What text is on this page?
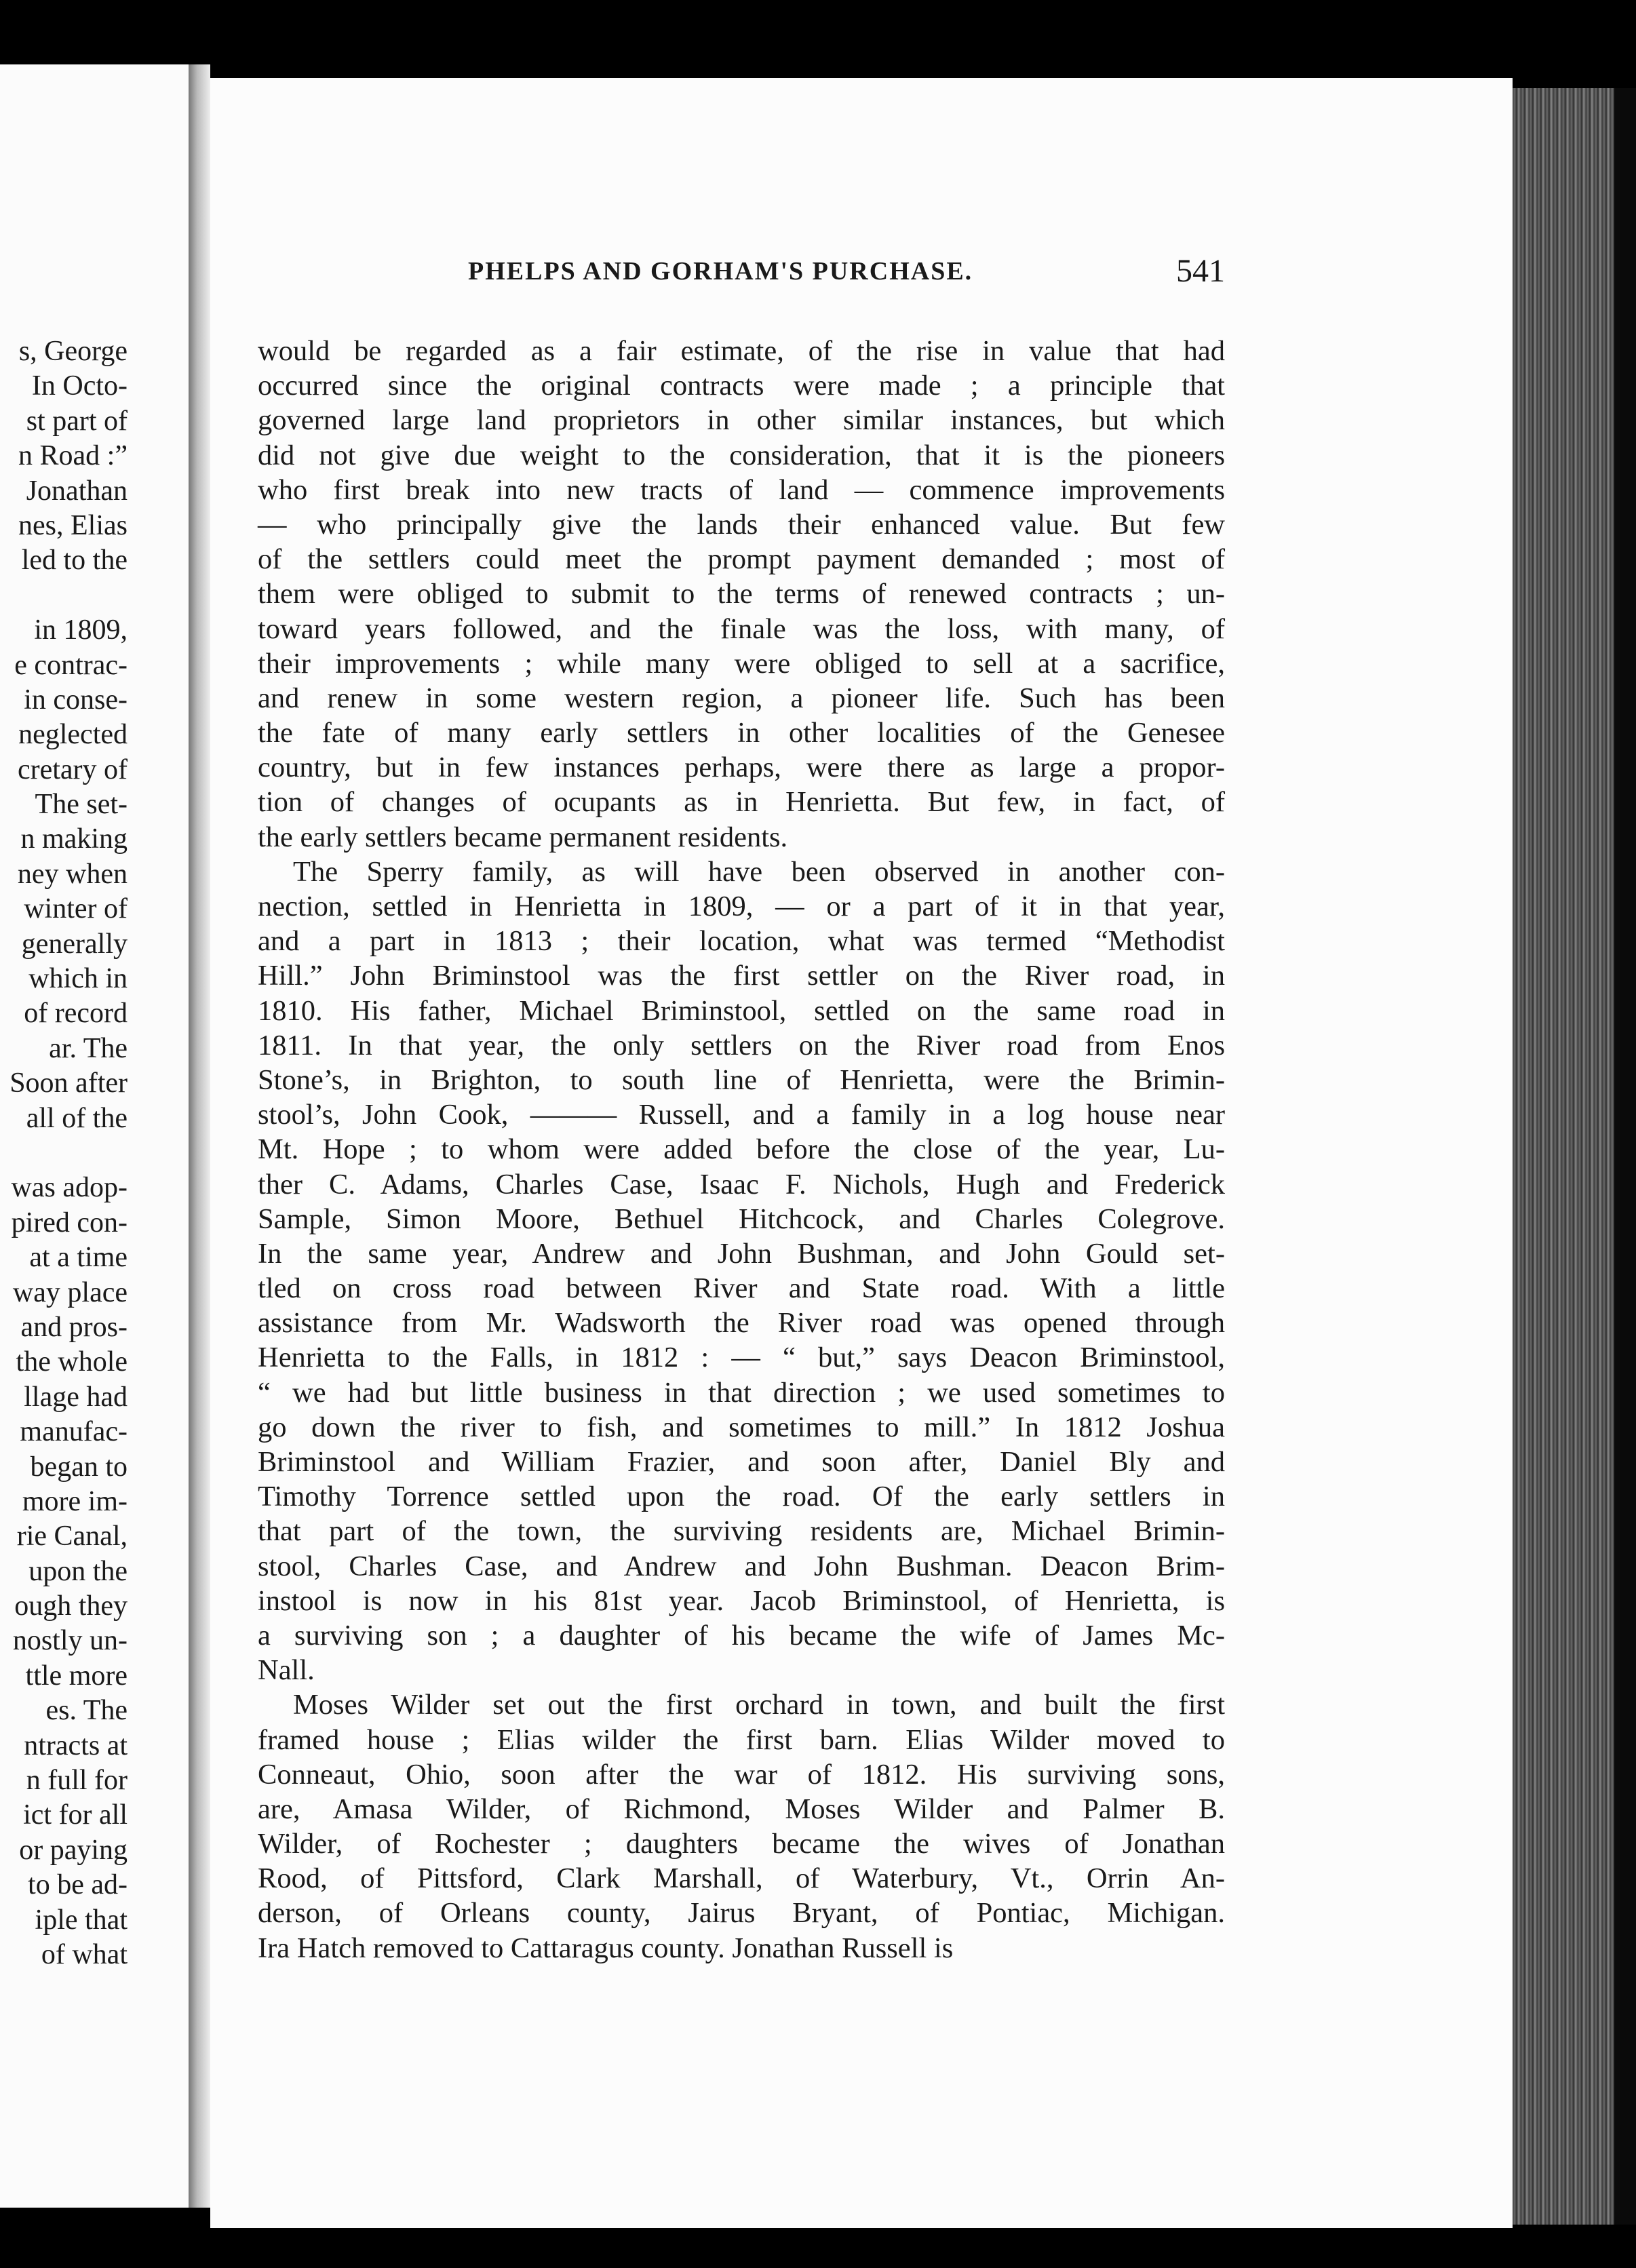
s, George
In Octo-
st part of
n Road :”
Jonathan
nes, Elias
led to the
in 1809,
e contrac-
in conse-
neglected
cretary of
The set-
n making
ney when
winter of
generally
which in
of record
ar. The
Soon after
all of the
was adop-
pired con-
at a time
way place
and pros-
the whole
llage had
manufac-
began to
more im-
rie Canal,
upon the
ough they
nostly un-
ttle more
es. The
ntracts at
n full for
ict for all
or paying
to be ad-
iple that
of what
PHELPS AND GORHAM'S PURCHASE.	541
would be regarded as a fair estimate, of the rise in value that had
occurred since the original contracts were made ; a principle that
governed large land proprietors in other similar instances, but which
did not give due weight to the consideration, that it is the pioneers
who first break into new tracts of land — commence improvements
— who principally give the lands their enhanced value. But few
of the settlers could meet the prompt payment demanded ; most of
them were obliged to submit to the terms of renewed contracts ; un-
toward years followed, and the finale was the loss, with many, of
their improvements ; while many were obliged to sell at a sacrifice,
and renew in some western region, a pioneer life. Such has been
the fate of many early settlers in other localities of the Genesee
country, but in few instances perhaps, were there as large a propor-
tion of changes of ocupants as in Henrietta. But few, in fact, of
the early settlers became permanent residents.
The Sperry family, as will have been observed in another con-
nection, settled in Henrietta in 1809, — or a part of it in that year,
and a part in 1813 ; their location, what was termed “Methodist
Hill.” John Briminstool was the first settler on the River road, in
1810. His father, Michael Briminstool, settled on the same road in
1811. In that year, the only settlers on the River road from Enos
Stone’s, in Brighton, to south line of Henrietta, were the Brimin-
stool’s, John Cook, ——— Russell, and a family in a log house near
Mt. Hope ; to whom were added before the close of the year, Lu-
ther C. Adams, Charles Case, Isaac F. Nichols, Hugh and Frederick
Sample, Simon Moore, Bethuel Hitchcock, and Charles Colegrove.
In the same year, Andrew and John Bushman, and John Gould set-
tled on cross road between River and State road. With a little
assistance from Mr. Wadsworth the River road was opened through
Henrietta to the Falls, in 1812 : — “ but,” says Deacon Briminstool,
“ we had but little business in that direction ; we used sometimes to
go down the river to fish, and sometimes to mill.” In 1812 Joshua
Briminstool and William Frazier, and soon after, Daniel Bly and
Timothy Torrence settled upon the road. Of the early settlers in
that part of the town, the surviving residents are, Michael Brimin-
stool, Charles Case, and Andrew and John Bushman. Deacon Brim-
instool is now in his 81st year. Jacob Briminstool, of Henrietta, is
a surviving son ; a daughter of his became the wife of James Mc-
Nall.
Moses Wilder set out the first orchard in town, and built the first
framed house ; Elias wilder the first barn. Elias Wilder moved to
Conneaut, Ohio, soon after the war of 1812. His surviving sons,
are, Amasa Wilder, of Richmond, Moses Wilder and Palmer B.
Wilder, of Rochester ; daughters became the wives of Jonathan
Rood, of Pittsford, Clark Marshall, of Waterbury, Vt., Orrin An-
derson, of Orleans county, Jairus Bryant, of Pontiac, Michigan.
Ira Hatch removed to Cattaragus county. Jonathan Russell is
